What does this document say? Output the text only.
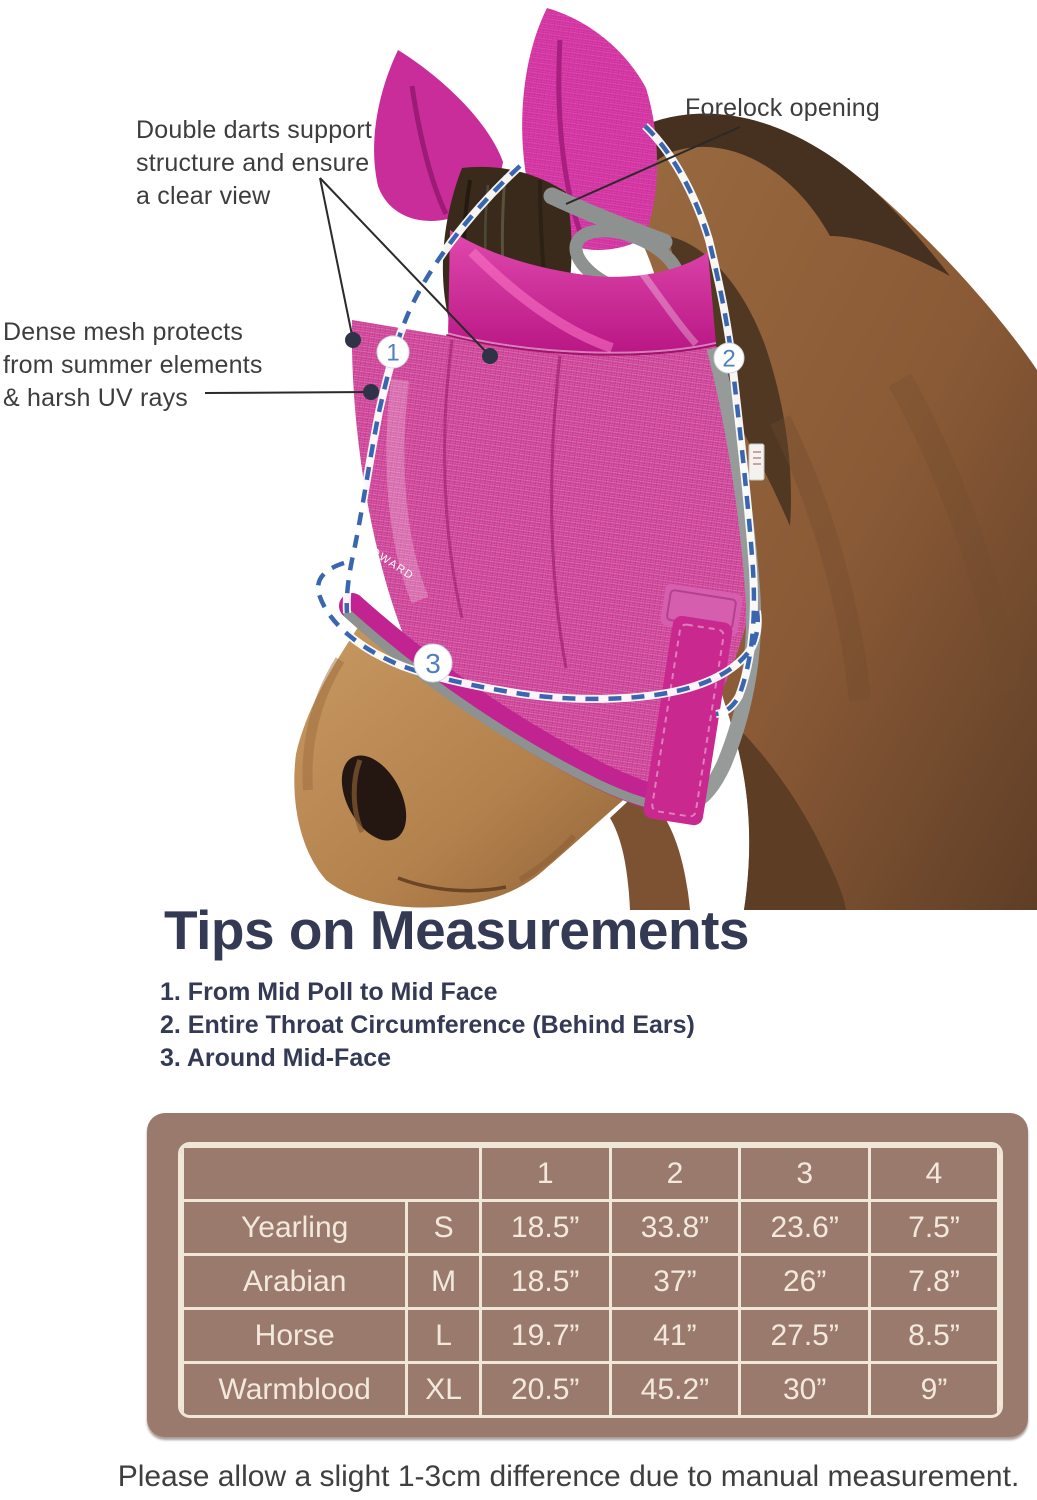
H
HOWARD
1	2
3
Double darts support
structure and ensure
a clear view
Dense mesh protects
from summer elements
& harsh UV rays
Forelock opening
Tips on Measurements
1. From Mid Poll to Mid Face
2. Entire Throat Circumference (Behind Ears)
3. Around Mid-Face
		1	2	3	4
Yearling	S	18.5”	33.8”	23.6”	7.5”
Arabian	M	18.5”	37”	26”	7.8”
Horse	L	19.7”	41”	27.5”	8.5”
Warmblood	XL	20.5”	45.2”	30”	9”
Please allow a slight 1-3cm difference due to manual measurement.
